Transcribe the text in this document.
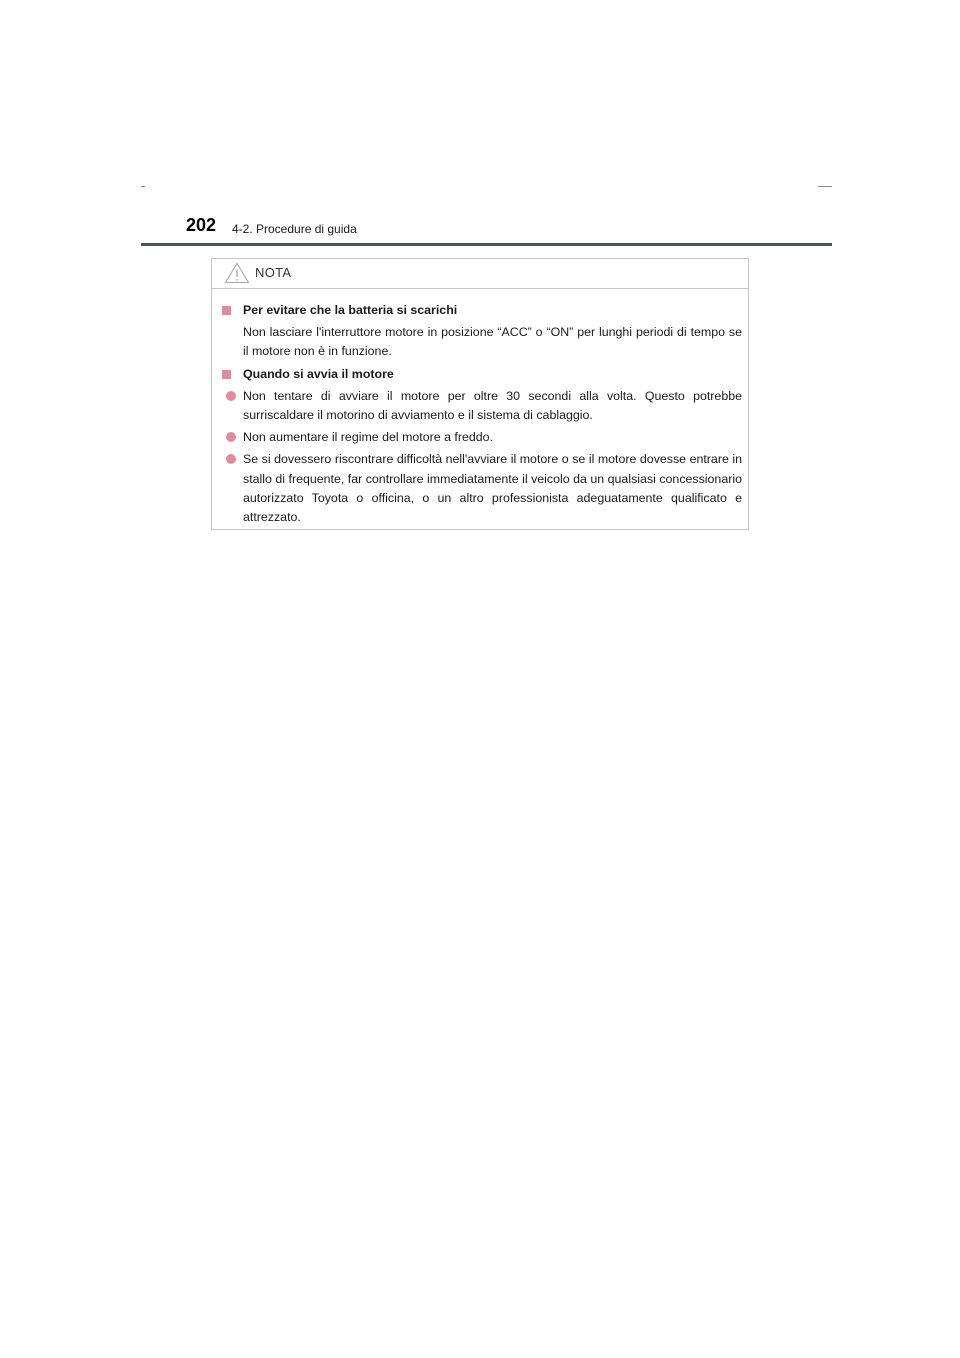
202 4-2. Procedure di guida
NOTA
Per evitare che la batteria si scarichi
Non lasciare l'interruttore motore in posizione “ACC” o “ON” per lunghi periodi di tempo se il motore non è in funzione.
Quando si avvia il motore
Non tentare di avviare il motore per oltre 30 secondi alla volta. Questo potrebbe surriscaldare il motorino di avviamento e il sistema di cablaggio.
Non aumentare il regime del motore a freddo.
Se si dovessero riscontrare difficoltà nell'avviare il motore o se il motore dovesse entrare in stallo di frequente, far controllare immediatamente il veicolo da un qualsiasi concessionario autorizzato Toyota o officina, o un altro professionista adeguatamente qualificato e attrezzato.
